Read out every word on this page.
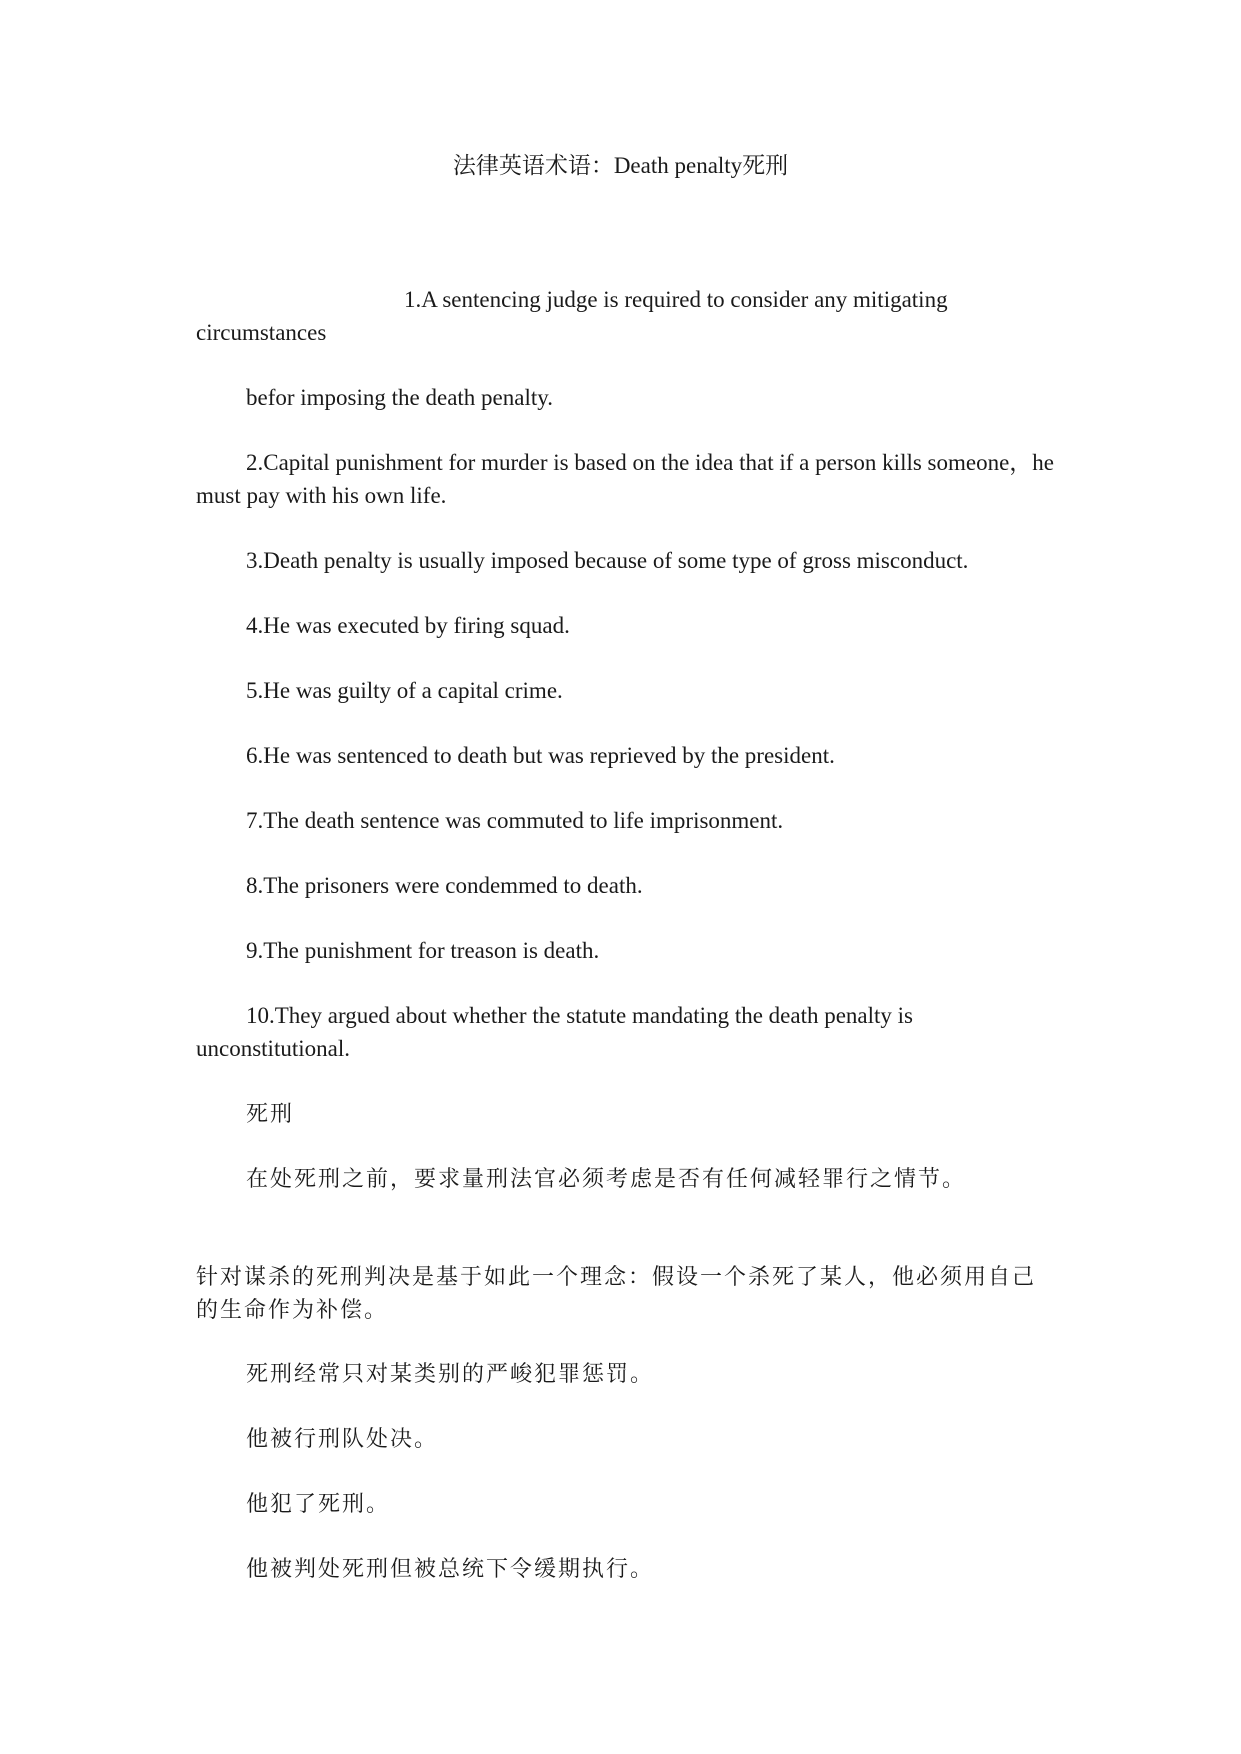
法律英语术语：Death penalty死刑
1.A sentencing judge is required to consider any mitigating
circumstances
befor imposing the death penalty.
2.Capital punishment for murder is based on the idea that if a person kills someone，he must pay with his own life.
3.Death penalty is usually imposed because of some type of gross misconduct.
4.He was executed by firing squad.
5.He was guilty of a capital crime.
6.He was sentenced to death but was reprieved by the president.
7.The death sentence was commuted to life imprisonment.
8.The prisoners were condemmed to death.
9.The punishment for treason is death.
10.They argued about whether the statute mandating the death penalty is unconstitutional.
死刑
在处死刑之前，要求量刑法官必须考虑是否有任何减轻罪行之情节。
针对谋杀的死刑判决是基于如此一个理念：假设一个杀死了某人，他必须用自己的生命作为补偿。
死刑经常只对某类别的严峻犯罪惩罚。
他被行刑队处决。
他犯了死刑。
他被判处死刑但被总统下令缓期执行。
